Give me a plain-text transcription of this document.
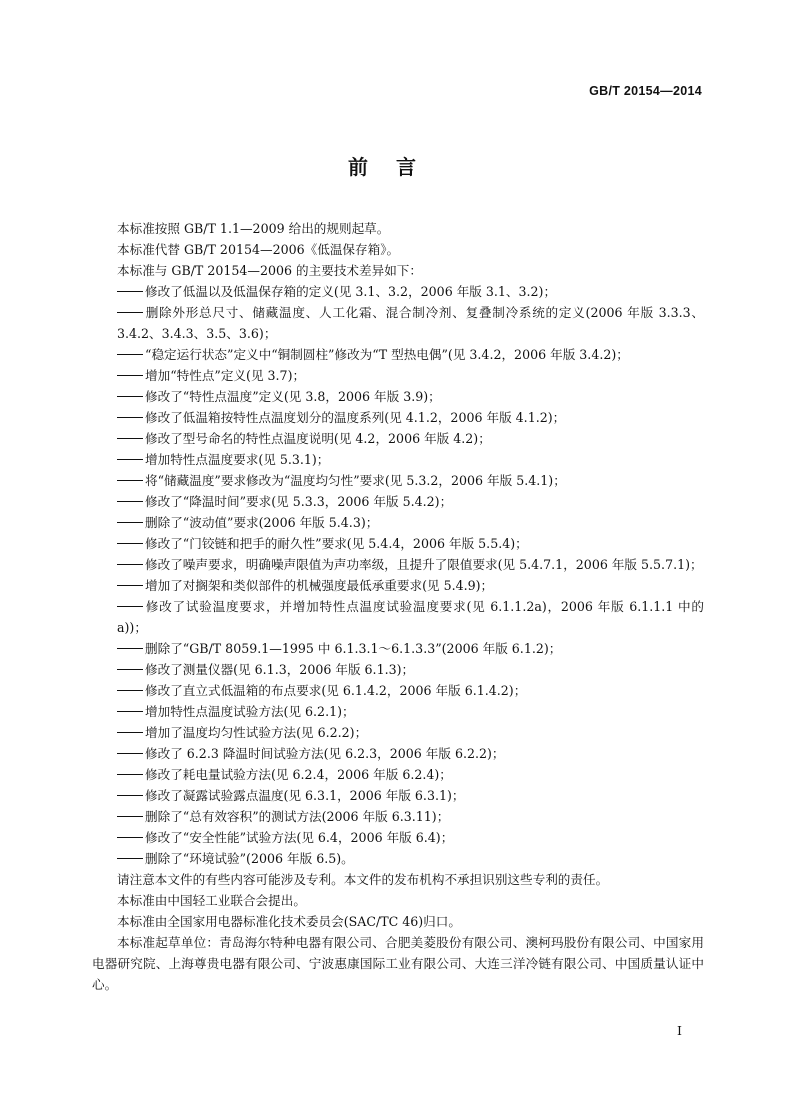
GB/T 20154—2014
前言

本标准按照 GB/T 1.1—2009 给出的规则起草。

本标准代替 GB/T 20154—2006《低温保存箱》。

本标准与 GB/T 20154—2006 的主要技术差异如下：

修改了低温以及低温保存箱的定义(见 3.1、3.2，2006 年版 3.1、3.2)；

删除外形总尺寸、储藏温度、人工化霜、混合制冷剂、复叠制冷系统的定义(2006 年版 3.3.3、3.4.2、3.4.3、3.5、3.6)；

“稳定运行状态”定义中“铜制圆柱”修改为“T 型热电偶”(见 3.4.2，2006 年版 3.4.2)；

增加“特性点”定义(见 3.7)；

修改了“特性点温度”定义(见 3.8，2006 年版 3.9)；

修改了低温箱按特性点温度划分的温度系列(见 4.1.2，2006 年版 4.1.2)；

修改了型号命名的特性点温度说明(见 4.2，2006 年版 4.2)；

增加特性点温度要求(见 5.3.1)；

将“储藏温度”要求修改为“温度均匀性”要求(见 5.3.2，2006 年版 5.4.1)；

修改了“降温时间”要求(见 5.3.3，2006 年版 5.4.2)；

删除了“波动值”要求(2006 年版 5.4.3)；

修改了“门铰链和把手的耐久性”要求(见 5.4.4，2006 年版 5.5.4)；

修改了噪声要求，明确噪声限值为声功率级，且提升了限值要求(见 5.4.7.1，2006 年版 5.5.7.1)；

增加了对搁架和类似部件的机械强度最低承重要求(见 5.4.9)；

修改了试验温度要求，并增加特性点温度试验温度要求(见 6.1.1.2a)，2006 年版 6.1.1.1 中的 a))；

删除了“GB/T 8059.1—1995 中 6.1.3.1～6.1.3.3”(2006 年版 6.1.2)；

修改了测量仪器(见 6.1.3，2006 年版 6.1.3)；

修改了直立式低温箱的布点要求(见 6.1.4.2，2006 年版 6.1.4.2)；

增加特性点温度试验方法(见 6.2.1)；

增加了温度均匀性试验方法(见 6.2.2)；

修改了 6.2.3 降温时间试验方法(见 6.2.3，2006 年版 6.2.2)；

修改了耗电量试验方法(见 6.2.4，2006 年版 6.2.4)；

修改了凝露试验露点温度(见 6.3.1，2006 年版 6.3.1)；

删除了“总有效容积”的测试方法(2006 年版 6.3.11)；

修改了“安全性能”试验方法(见 6.4，2006 年版 6.4)；

删除了“环境试验”(2006 年版 6.5)。

请注意本文件的有些内容可能涉及专利。本文件的发布机构不承担识别这些专利的责任。

本标准由中国轻工业联合会提出。

本标准由全国家用电器标准化技术委员会(SAC/TC 46)归口。

本标准起草单位：青岛海尔特种电器有限公司、合肥美菱股份有限公司、澳柯玛股份有限公司、中国家用电器研究院、上海尊贵电器有限公司、宁波惠康国际工业有限公司、大连三洋冷链有限公司、中国质量认证中心。

I
